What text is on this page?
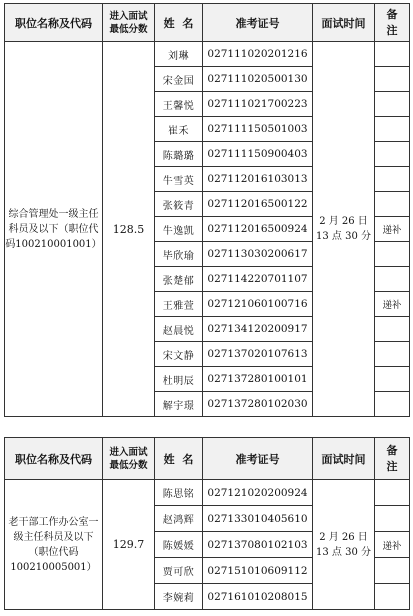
职位名称及代码	进入面试
最低分数	姓  名	准考证号	面试时间	备
注
综合管理处一级主任科员及以下（职位代码100210001001）	128.5	刘琳	027111020201216	2 月 26 日
13 点 30 分	
		宋金国	027111020500130		
		王馨悦	027111021700223		
		崔禾	027111150501003		
		陈璐璐	027111150900403		
		牛雪英	027112016103013		
		张筱青	027112016500122		
		牛逸凯	027112016500924		递补
		毕欣瑜	027113030200617		
		张楚郁	027114220701107		
		王雅萱	027121060100716		递补
		赵晨悦	027134120200917		
		宋文静	027137020107613		
		杜明辰	027137280100101		
		解宇璟	027137280102030		
职位名称及代码	进入面试
最低分数	姓  名	准考证号	面试时间	备
注
老干部工作办公室一级主任科员及以下（职位代码100210005001）	129.7	陈思铭	027121020200924	2 月 26 日
13 点 30 分	
		赵鸿辉	027133010405610		
		陈媛媛	027137080102103		递补
		贾可欣	027151010609112		
		李婉莉	027161010208015		
